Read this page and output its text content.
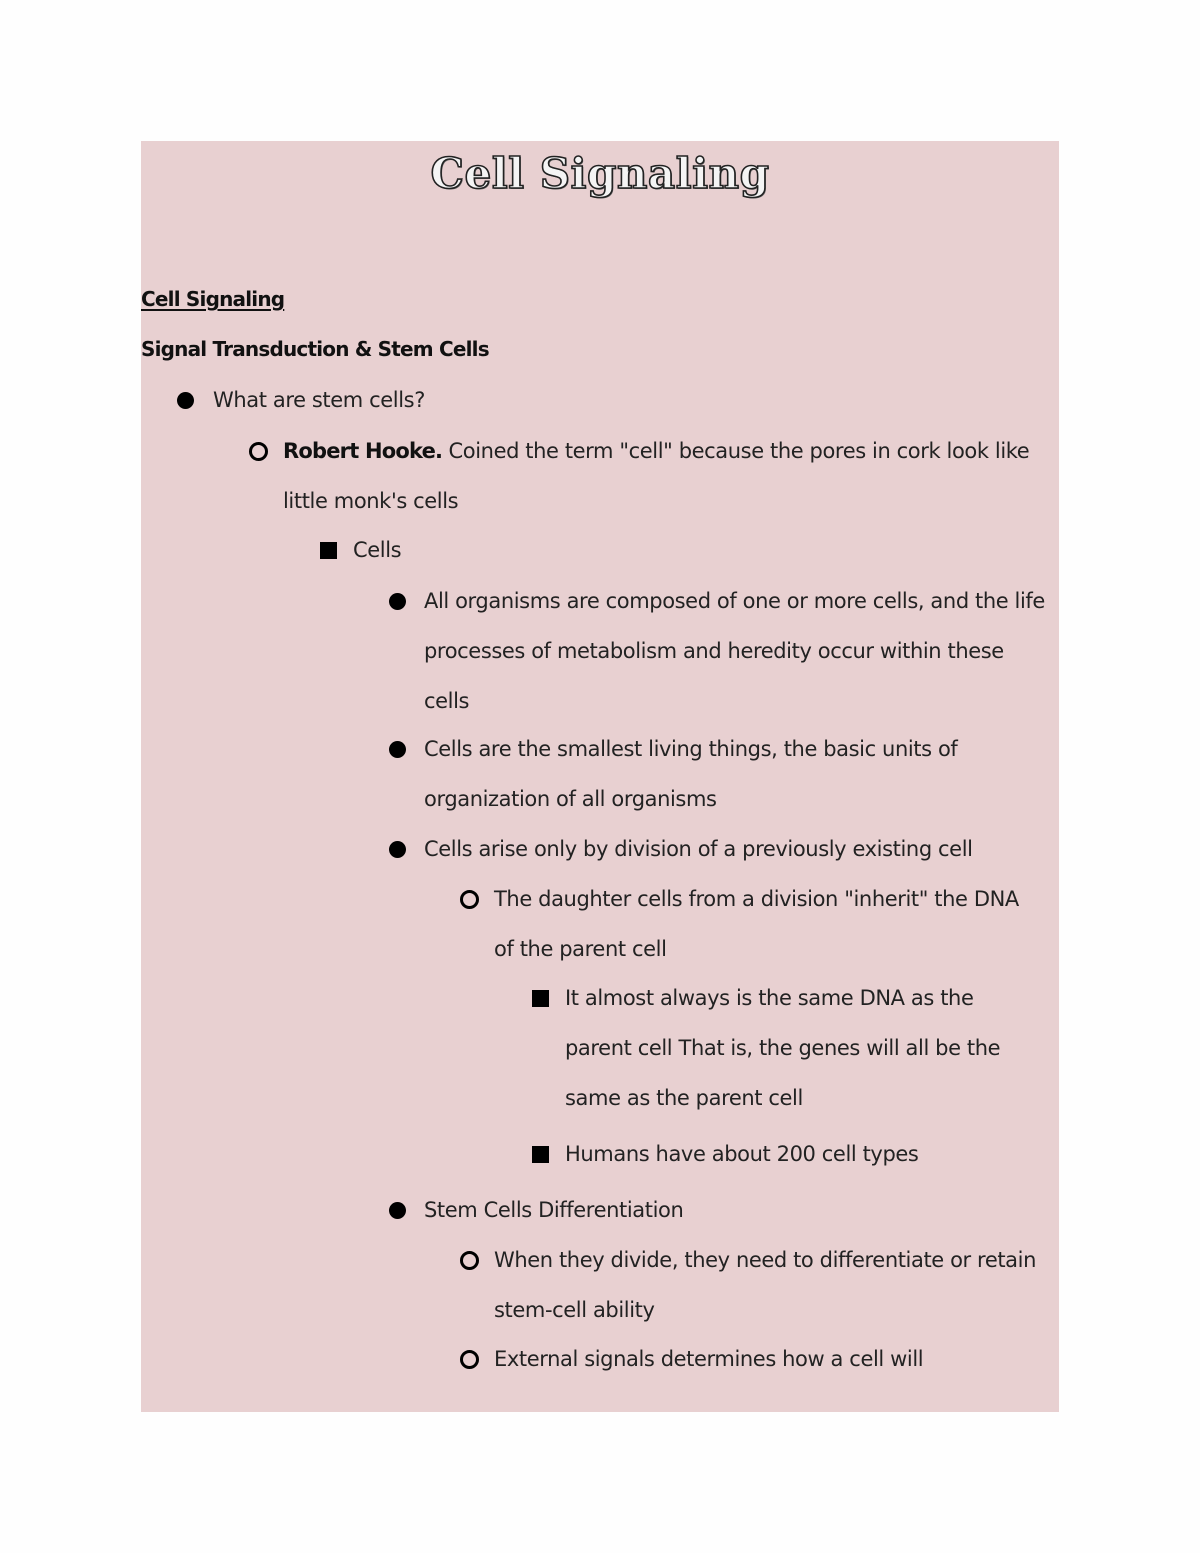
Cell Signaling
Cell Signaling
Signal Transduction & Stem Cells
What are stem cells?
Robert Hooke. Coined the term "cell" because the pores in cork look like little monk's cells
Cells
All organisms are composed of one or more cells, and the life processes of metabolism and heredity occur within these cells
Cells are the smallest living things, the basic units of organization of all organisms
Cells arise only by division of a previously existing cell
The daughter cells from a division "inherit" the DNA of the parent cell
It almost always is the same DNA as the parent cell That is, the genes will all be the same as the parent cell
Humans have about 200 cell types
Stem Cells Differentiation
When they divide, they need to differentiate or retain stem-cell ability
External signals determines how a cell will
